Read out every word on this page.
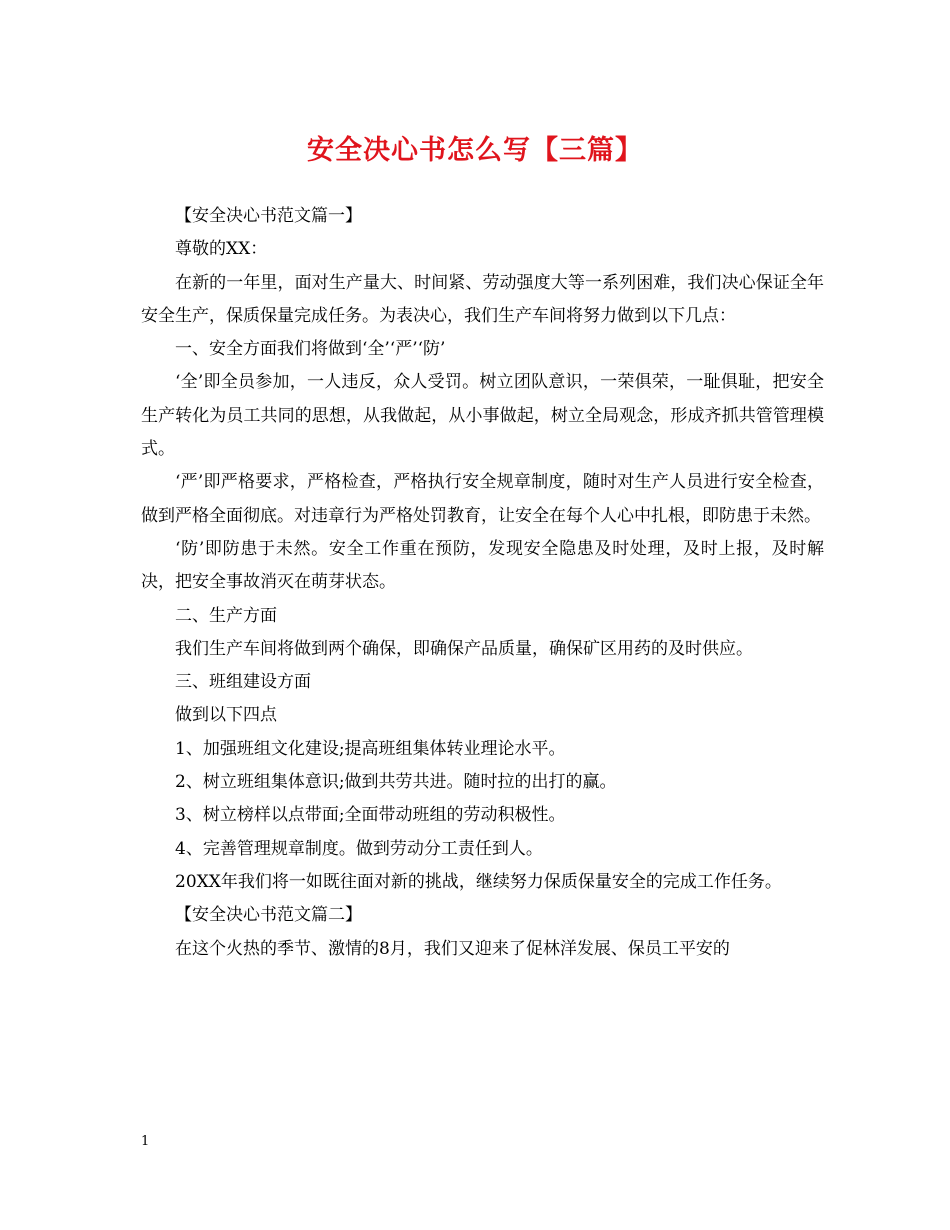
安全决心书怎么写【三篇】

【安全决心书范文篇一】

尊敬的XX：

在新的一年里，面对生产量大、时间紧、劳动强度大等一系列困难，我们决心保证全年安全生产，保质保量完成任务。为表决心，我们生产车间将努力做到以下几点：

一、安全方面我们将做到‘全’‘严’‘防’

‘全’即全员参加，一人违反，众人受罚。树立团队意识，一荣俱荣，一耻俱耻，把安全生产转化为员工共同的思想，从我做起，从小事做起，树立全局观念，形成齐抓共管管理模式。

‘严’即严格要求，严格检查，严格执行安全规章制度，随时对生产人员进行安全检查，做到严格全面彻底。对违章行为严格处罚教育，让安全在每个人心中扎根，即防患于未然。

‘防’即防患于未然。安全工作重在预防，发现安全隐患及时处理，及时上报，及时解决，把安全事故消灭在萌芽状态。

二、生产方面

我们生产车间将做到两个确保，即确保产品质量，确保矿区用药的及时供应。

三、班组建设方面

做到以下四点

1、加强班组文化建设;提高班组集体转业理论水平。

2、树立班组集体意识;做到共劳共进。随时拉的出打的赢。

3、树立榜样以点带面;全面带动班组的劳动积极性。

4、完善管理规章制度。做到劳动分工责任到人。

20XX年我们将一如既往面对新的挑战，继续努力保质保量安全的完成工作任务。

【安全决心书范文篇二】

在这个火热的季节、激情的8月，我们又迎来了促林洋发展、保员工平安的

1
